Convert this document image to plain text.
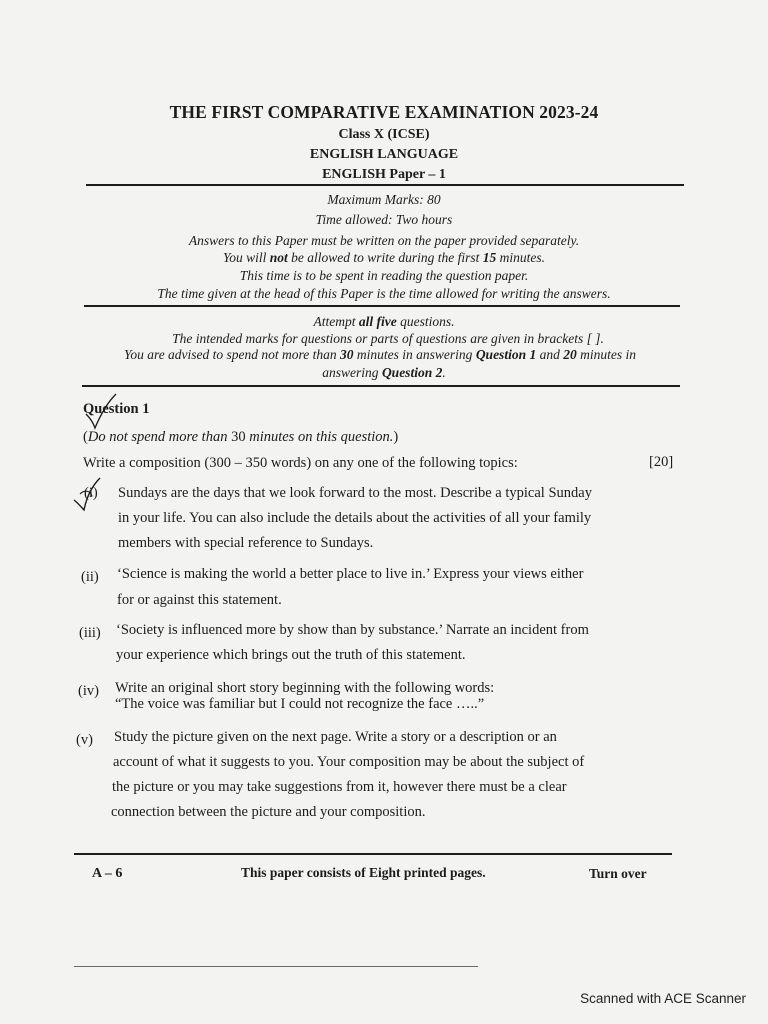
THE FIRST COMPARATIVE EXAMINATION 2023-24
Class X (ICSE)
ENGLISH LANGUAGE
ENGLISH Paper – 1
Maximum Marks: 80
Time allowed: Two hours
Answers to this Paper must be written on the paper provided separately.
You will not be allowed to write during the first 15 minutes.
This time is to be spent in reading the question paper.
The time given at the head of this Paper is the time allowed for writing the answers.
Attempt all five questions.
The intended marks for questions or parts of questions are given in brackets [ ].
You are advised to spend not more than 30 minutes in answering Question 1 and 20 minutes in
answering Question 2.
Question 1
(Do not spend more than 30 minutes on this question.)
Write a composition (300 – 350 words) on any one of the following topics:	[20]
(i) Sundays are the days that we look forward to the most. Describe a typical Sunday
in your life. You can also include the details about the activities of all your family
members with special reference to Sundays.
(ii) ‘Science is making the world a better place to live in.’ Express your views either
for or against this statement.
(iii) ‘Society is influenced more by show than by substance.’ Narrate an incident from
your experience which brings out the truth of this statement.
(iv) Write an original short story beginning with the following words:
“The voice was familiar but I could not recognize the face …..”
(v) Study the picture given on the next page. Write a story or a description or an
account of what it suggests to you. Your composition may be about the subject of
the picture or you may take suggestions from it, however there must be a clear
connection between the picture and your composition.
A – 6	This paper consists of Eight printed pages.	Turn over
Scanned with ACE Scanner
